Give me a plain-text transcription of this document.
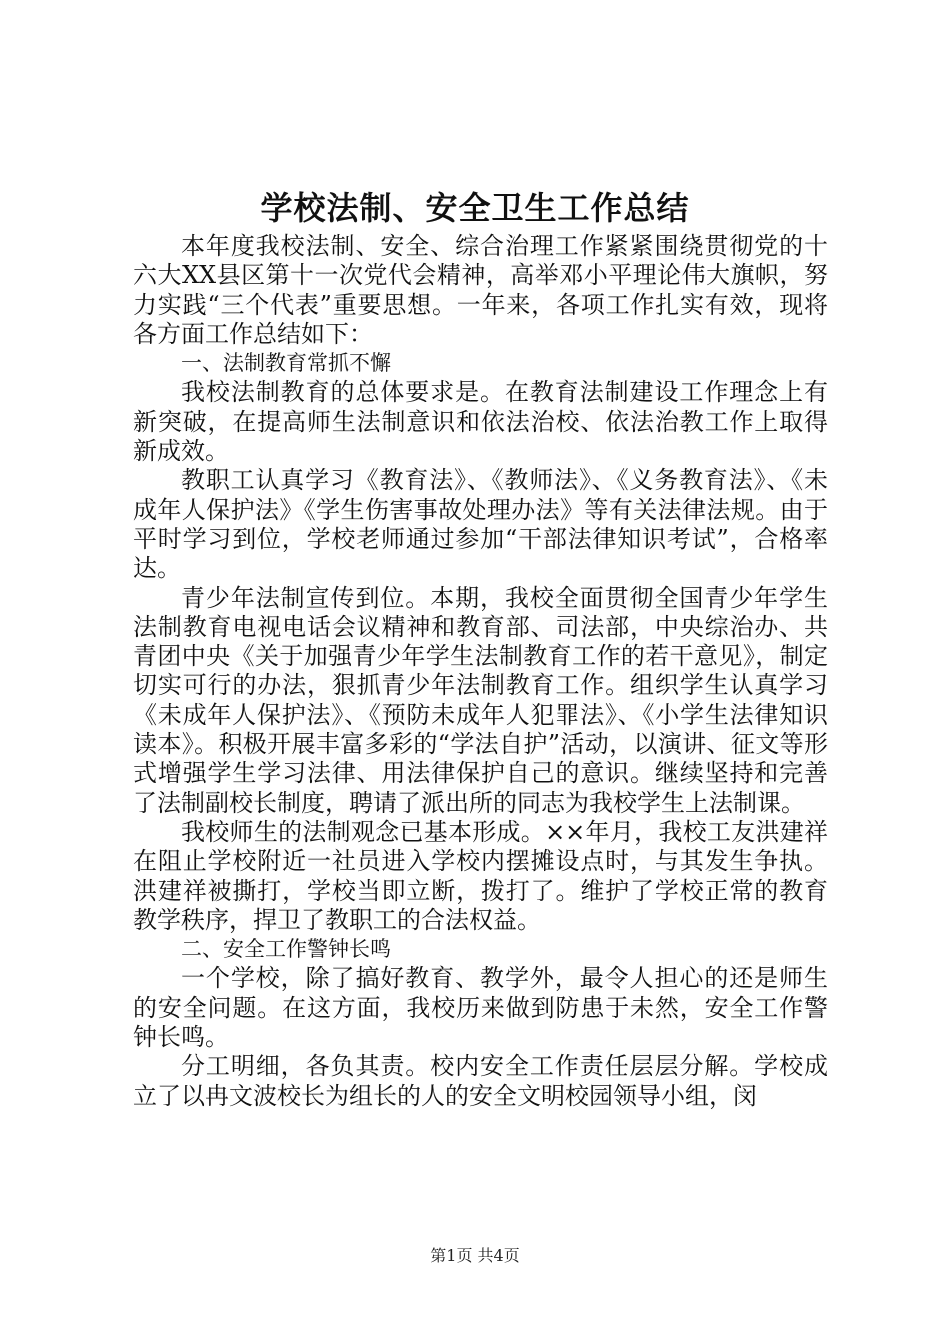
学校法制、安全卫生工作总结

本年度我校法制、安全、综合治理工作紧紧围绕贯彻党的十六大XX县区第十一次党代会精神，高举邓小平理论伟大旗帜，努力实践“三个代表”重要思想。一年来，各项工作扎实有效，现将各方面工作总结如下：

一、法制教育常抓不懈

我校法制教育的总体要求是。在教育法制建设工作理念上有新突破，在提高师生法制意识和依法治校、依法治教工作上取得新成效。

教职工认真学习《教育法》、《教师法》、《义务教育法》、《未成年人保护法》《学生伤害事故处理办法》等有关法律法规。由于平时学习到位，学校老师通过参加“干部法律知识考试”，合格率达。

青少年法制宣传到位。本期，我校全面贯彻全国青少年学生法制教育电视电话会议精神和教育部、司法部，中央综治办、共青团中央《关于加强青少年学生法制教育工作的若干意见》，制定切实可行的办法，狠抓青少年法制教育工作。组织学生认真学习《未成年人保护法》、《预防未成年人犯罪法》、《小学生法律知识读本》。积极开展丰富多彩的“学法自护”活动，以演讲、征文等形式增强学生学习法律、用法律保护自己的意识。继续坚持和完善了法制副校长制度，聘请了派出所的同志为我校学生上法制课。

我校师生的法制观念已基本形成。××年月，我校工友洪建祥在阻止学校附近一社员进入学校内摆摊设点时，与其发生争执。洪建祥被撕打，学校当即立断，拨打了。维护了学校正常的教育教学秩序，捍卫了教职工的合法权益。

二、安全工作警钟长鸣

一个学校，除了搞好教育、教学外，最令人担心的还是师生的安全问题。在这方面，我校历来做到防患于未然，安全工作警钟长鸣。

分工明细，各负其责。校内安全工作责任层层分解。学校成立了以冉文波校长为组长的人的安全文明校园领导小组，闵

第1页 共4页
